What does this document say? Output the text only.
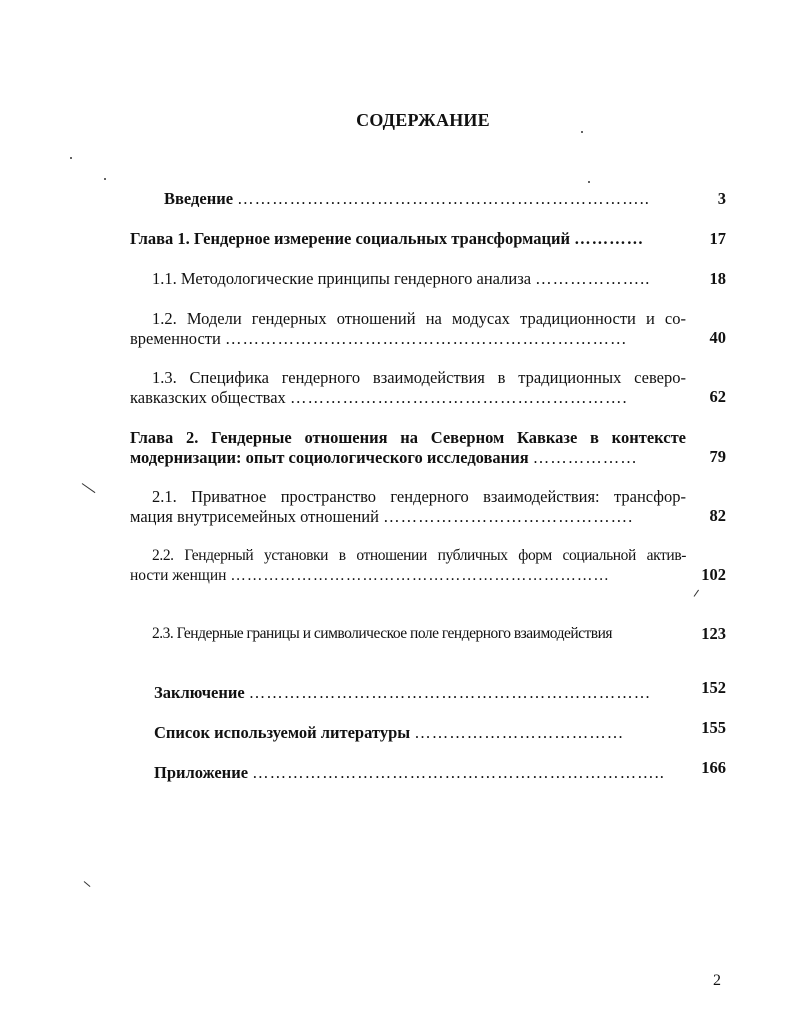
СОДЕРЖАНИЕ
Введение ……………………………………………………………..	3
Глава 1. Гендерное измерение социальных трансформаций …………	17
1.1. Методологические принципы гендерного анализа ………………..	18
1.2. Модели гендерных отношений на модусах традиционности и со-
временности ……………………………………………………………	40
1.3. Специфика гендерного взаимодействия в традиционных северо-
кавказских обществах ………………………………………………….	62
Глава 2. Гендерные отношения на Северном Кавказе в контексте
модернизации: опыт социологического исследования ………………	79
2.1. Приватное пространство гендерного взаимодействия: трансфор-
мация внутрисемейных отношений …………………………………….	82
2.2. Гендерный установки в отношении публичных форм социальной актив-
ности женщин ……………………………………………………………	102
2.3. Гендерные границы и символическое поле гендерного взаимодействия	123
Заключение ……………………………………………………………	152
Список используемой литературы ………………………………	155
Приложение ……………………………………………………………..	166
2
